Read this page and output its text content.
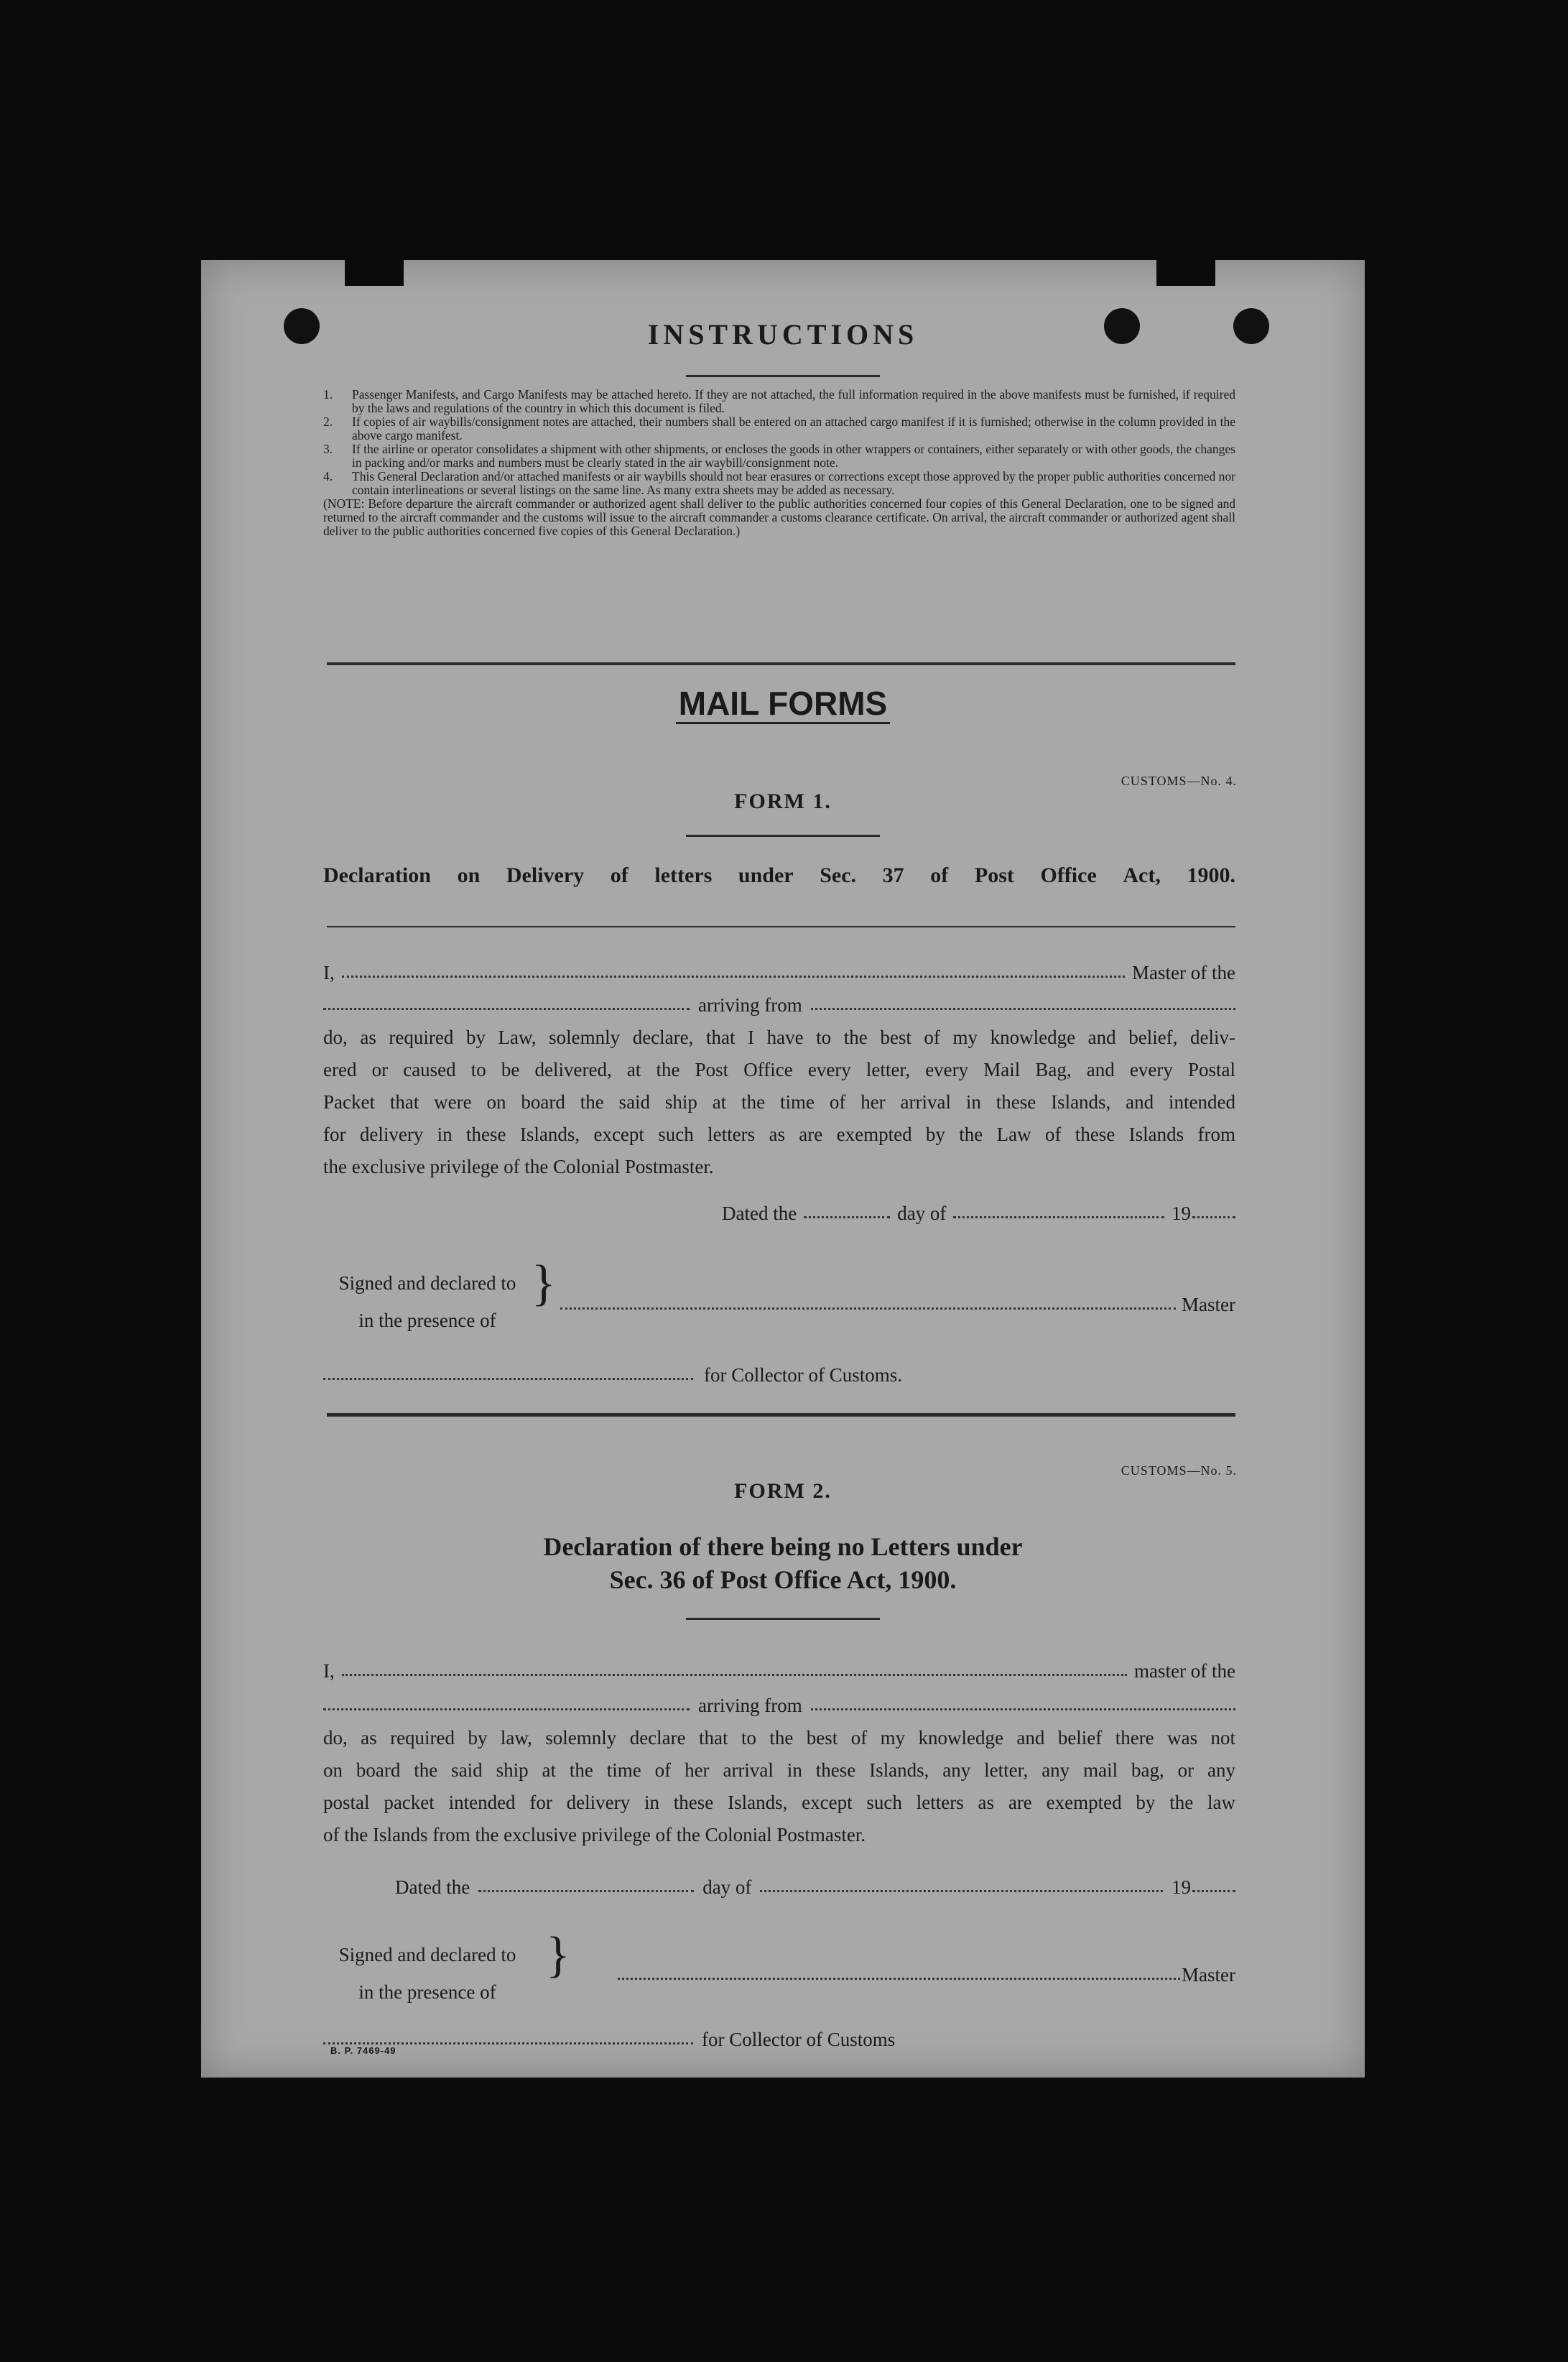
INSTRUCTIONS
1.	Passenger Manifests, and Cargo Manifests may be attached hereto. If they are not attached, the full information required in the above manifests must be furnished, if required by the laws and regulations of the country in which this document is filed.
2.	If copies of air waybills/consignment notes are attached, their numbers shall be entered on an attached cargo manifest if it is furnished; otherwise in the column provided in the above cargo manifest.
3.	If the airline or operator consolidates a shipment with other shipments, or encloses the goods in other wrappers or containers, either separately or with other goods, the changes in packing and/or marks and numbers must be clearly stated in the air waybill/consignment note.
4.	This General Declaration and/or attached manifests or air waybills should not bear erasures or corrections except those approved by the proper public authorities concerned nor contain interlineations or several listings on the same line. As many extra sheets may be added as necessary.
(NOTE: Before departure the aircraft commander or authorized agent shall deliver to the public authorities concerned four copies of this General Declaration, one to be signed and returned to the aircraft commander and the customs will issue to the aircraft commander a customs clearance certificate. On arrival, the aircraft commander or authorized agent shall deliver to the public authorities concerned five copies of this General Declaration.)
MAIL FORMS
CUSTOMS—No. 4.
FORM 1.
Declaration on Delivery of letters under Sec. 37 of Post Office Act, 1900.
I,	Master of the
arriving from
do, as required by Law, solemnly declare, that I have to the best of my knowledge and belief, deliv-
ered or caused to be delivered, at the Post Office every letter, every Mail Bag, and every Postal
Packet that were on board the said ship at the time of her arrival in these Islands, and intended
for delivery in these Islands, except such letters as are exempted by the Law of these Islands from
the exclusive privilege of the Colonial Postmaster.
Dated the	day of	19
Signed and declared to
in the presence of
}	Master
for Collector of Customs.
CUSTOMS—No. 5.
FORM 2.
Declaration of there being no Letters under
Sec. 36 of Post Office Act, 1900.
I,	master of the
arriving from
do, as required by law, solemnly declare that to the best of my knowledge and belief there was not
on board the said ship at the time of her arrival in these Islands, any letter, any mail bag, or any
postal packet intended for delivery in these Islands, except such letters as are exempted by the law
of the Islands from the exclusive privilege of the Colonial Postmaster.
Dated the	day of	19
Signed and declared to
in the presence of
}	Master
for Collector of Customs
B. P. 7469-49
